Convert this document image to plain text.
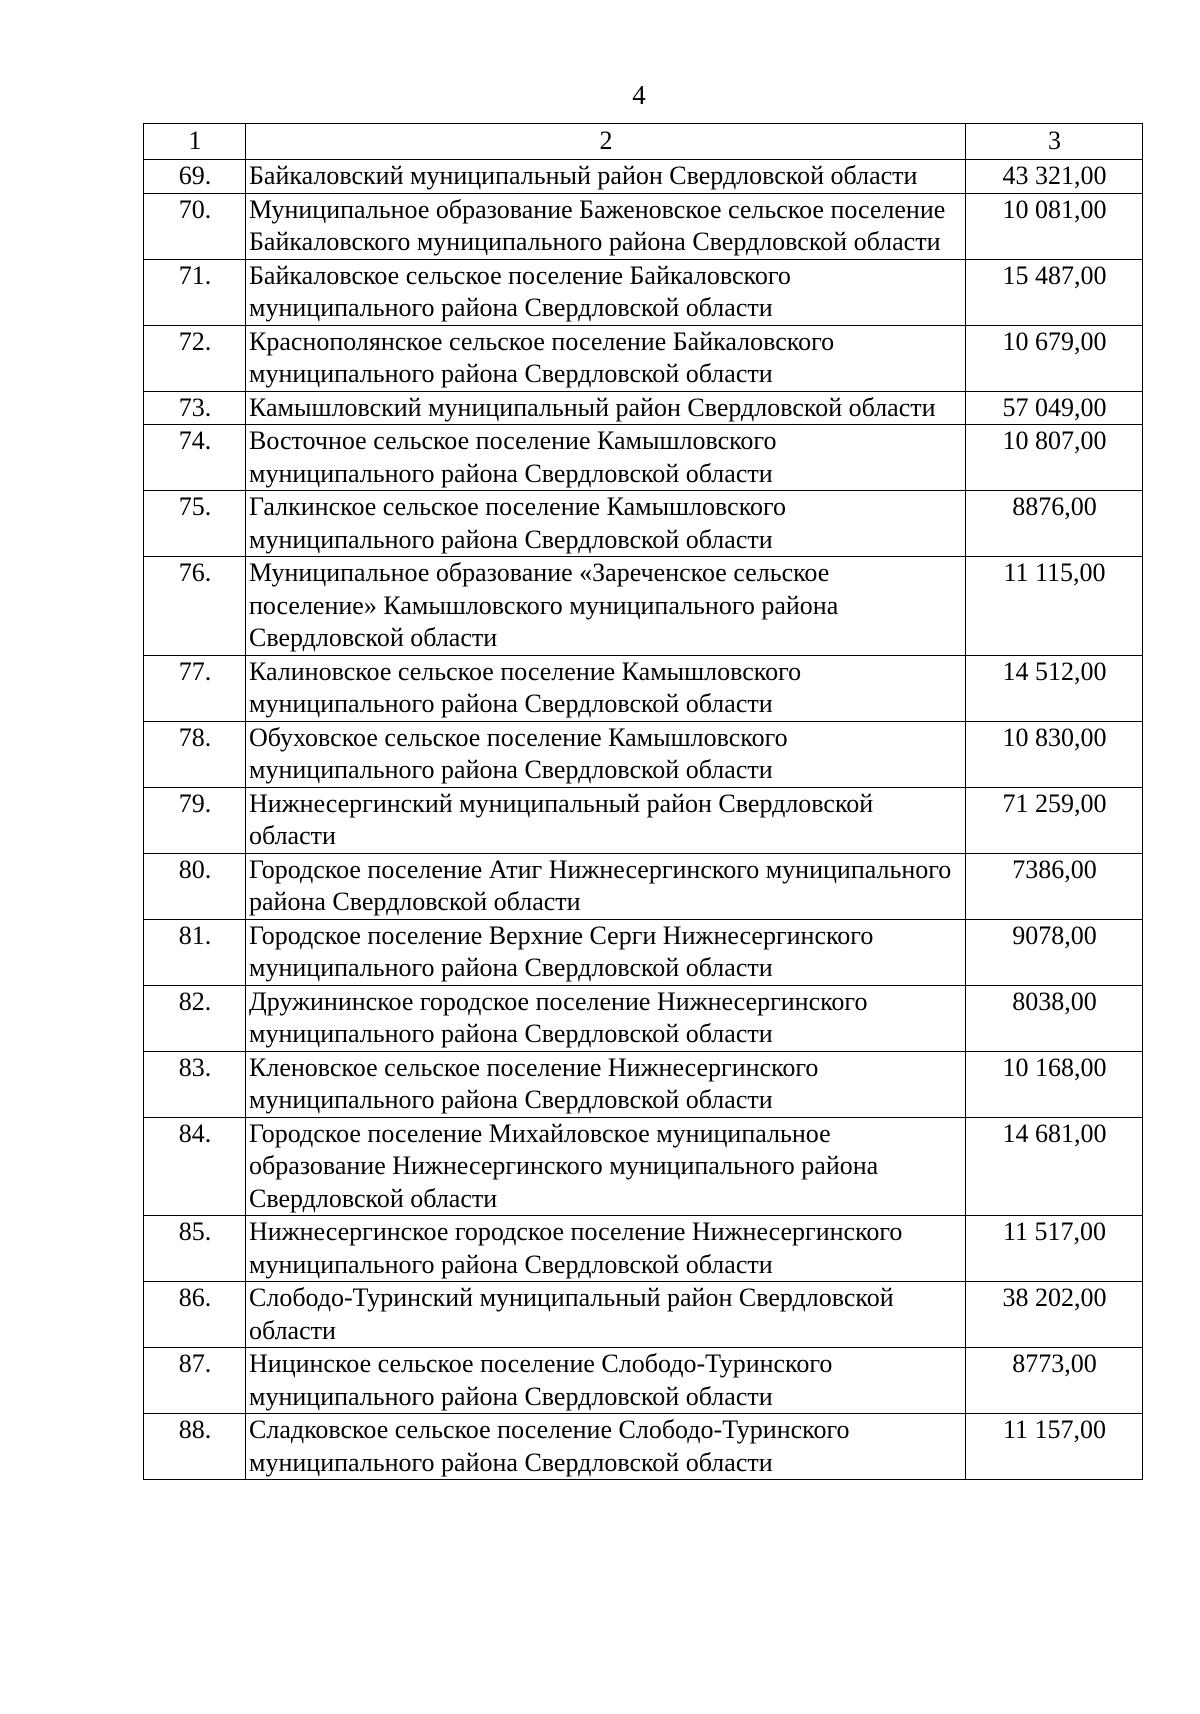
4
1	2	3
69.	Байкаловский муниципальный район Свердловской области	43 321,00
70.	Муниципальное образование Баженовское сельское поселение Байкаловского муниципального района Свердловской области	10 081,00
71.	Байкаловское сельское поселение Байкаловского муниципального района Свердловской области	15 487,00
72.	Краснополянское сельское поселение Байкаловского муниципального района Свердловской области	10 679,00
73.	Камышловский муниципальный район Свердловской области	57 049,00
74.	Восточное сельское поселение Камышловского муниципального района Свердловской области	10 807,00
75.	Галкинское сельское поселение Камышловского муниципального района Свердловской области	8876,00
76.	Муниципальное образование «Зареченское сельское поселение» Камышловского муниципального района Свердловской области	11 115,00
77.	Калиновское сельское поселение Камышловского муниципального района Свердловской области	14 512,00
78.	Обуховское сельское поселение Камышловского муниципального района Свердловской области	10 830,00
79.	Нижнесергинский муниципальный район Свердловской области	71 259,00
80.	Городское поселение Атиг Нижнесергинского муниципального района Свердловской области	7386,00
81.	Городское поселение Верхние Серги Нижнесергинского муниципального района Свердловской области	9078,00
82.	Дружининское городское поселение Нижнесергинского муниципального района Свердловской области	8038,00
83.	Кленовское сельское поселение Нижнесергинского муниципального района Свердловской области	10 168,00
84.	Городское поселение Михайловское муниципальное образование Нижнесергинского муниципального района Свердловской области	14 681,00
85.	Нижнесергинское городское поселение Нижнесергинского муниципального района Свердловской области	11 517,00
86.	Слободо-Туринский муниципальный район Свердловской области	38 202,00
87.	Ницинское сельское поселение Слободо-Туринского муниципального района Свердловской области	8773,00
88.	Сладковское сельское поселение Слободо-Туринского муниципального района Свердловской области	11 157,00
